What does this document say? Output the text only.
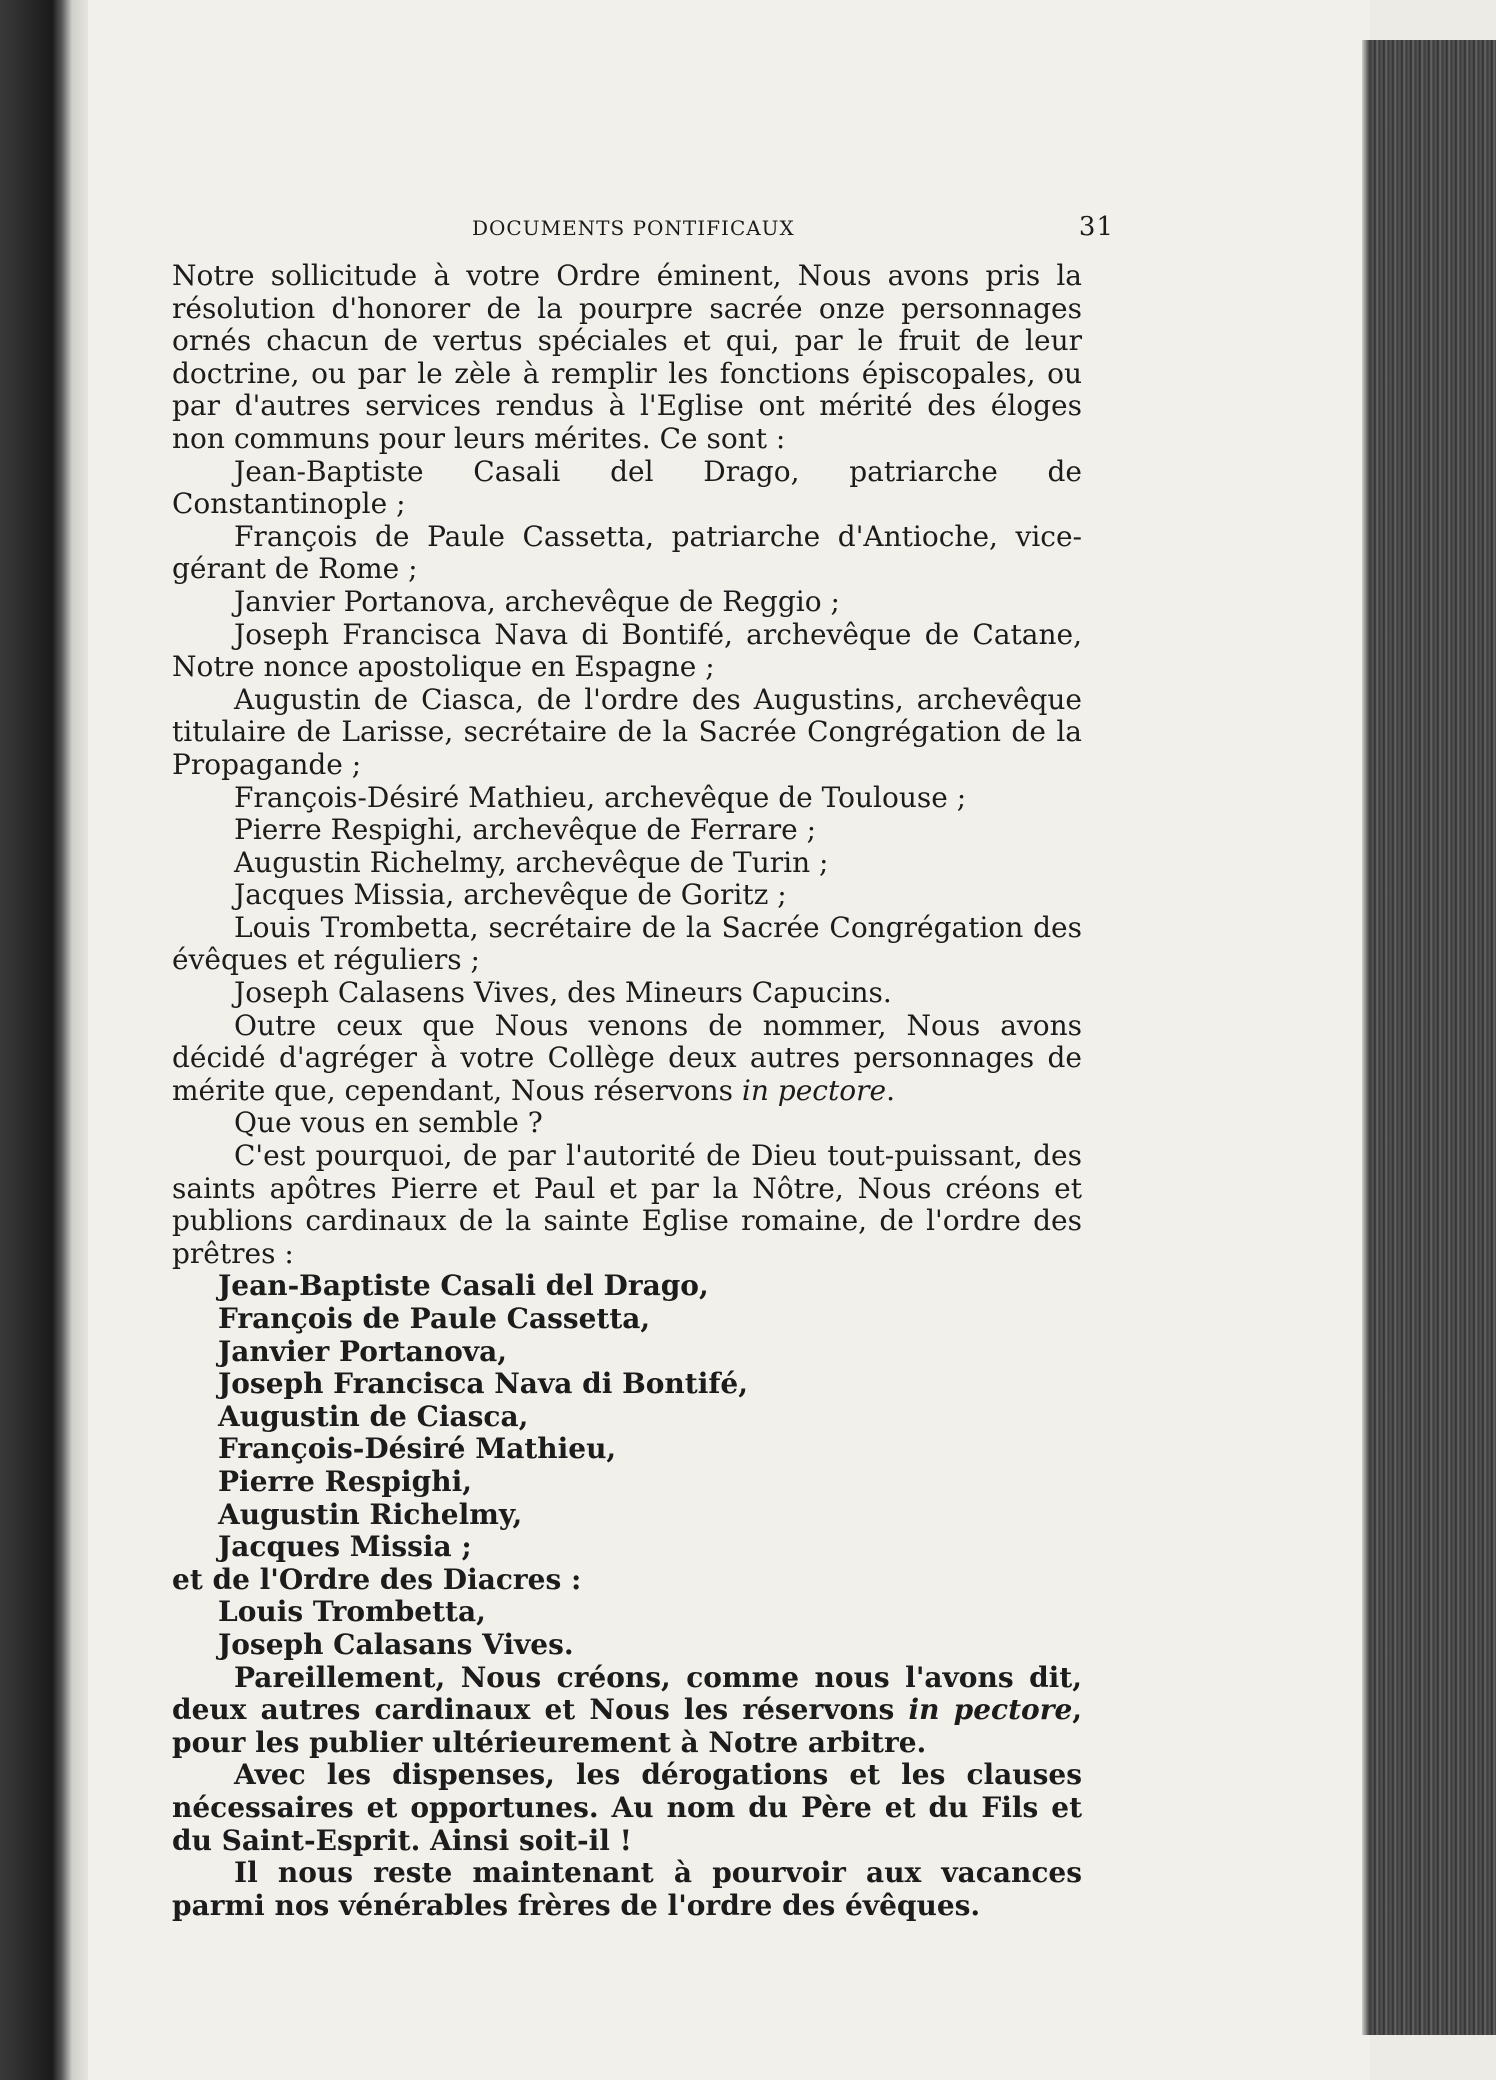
DOCUMENTS PONTIFICAUX	31

Notre sollicitude à votre Ordre éminent, Nous avons pris la résolution d'honorer de la pourpre sacrée onze personnages ornés chacun de vertus spéciales et qui, par le fruit de leur doctrine, ou par le zèle à remplir les fonctions épiscopales, ou par d'autres services rendus à l'Eglise ont mérité des éloges non communs pour leurs mérites. Ce sont :

Jean-Baptiste Casali del Drago, patriarche de Constantinople ;

François de Paule Cassetta, patriarche d'Antioche, vice-gérant de Rome ;

Janvier Portanova, archevêque de Reggio ;

Joseph Francisca Nava di Bontifé, archevêque de Catane, Notre nonce apostolique en Espagne ;

Augustin de Ciasca, de l'ordre des Augustins, archevêque titulaire de Larisse, secrétaire de la Sacrée Congrégation de la Propagande ;

François-Désiré Mathieu, archevêque de Toulouse ;

Pierre Respighi, archevêque de Ferrare ;

Augustin Richelmy, archevêque de Turin ;

Jacques Missia, archevêque de Goritz ;

Louis Trombetta, secrétaire de la Sacrée Congrégation des évêques et réguliers ;

Joseph Calasens Vives, des Mineurs Capucins.

Outre ceux que Nous venons de nommer, Nous avons décidé d'agréger à votre Collège deux autres personnages de mérite que, cependant, Nous réservons in pectore.

Que vous en semble ?

C'est pourquoi, de par l'autorité de Dieu tout-puissant, des saints apôtres Pierre et Paul et par la Nôtre, Nous créons et publions cardinaux de la sainte Eglise romaine, de l'ordre des prêtres :

Jean-Baptiste Casali del Drago,

François de Paule Cassetta,

Janvier Portanova,

Joseph Francisca Nava di Bontifé,

Augustin de Ciasca,

François-Désiré Mathieu,

Pierre Respighi,

Augustin Richelmy,

Jacques Missia ;

et de l'Ordre des Diacres :

Louis Trombetta,

Joseph Calasans Vives.

Pareillement, Nous créons, comme nous l'avons dit, deux autres cardinaux et Nous les réservons in pectore, pour les publier ultérieurement à Notre arbitre.

Avec les dispenses, les dérogations et les clauses nécessaires et opportunes. Au nom du Père et du Fils et du Saint-Esprit. Ainsi soit-il !

Il nous reste maintenant à pourvoir aux vacances parmi nos vénérables frères de l'ordre des évêques.
